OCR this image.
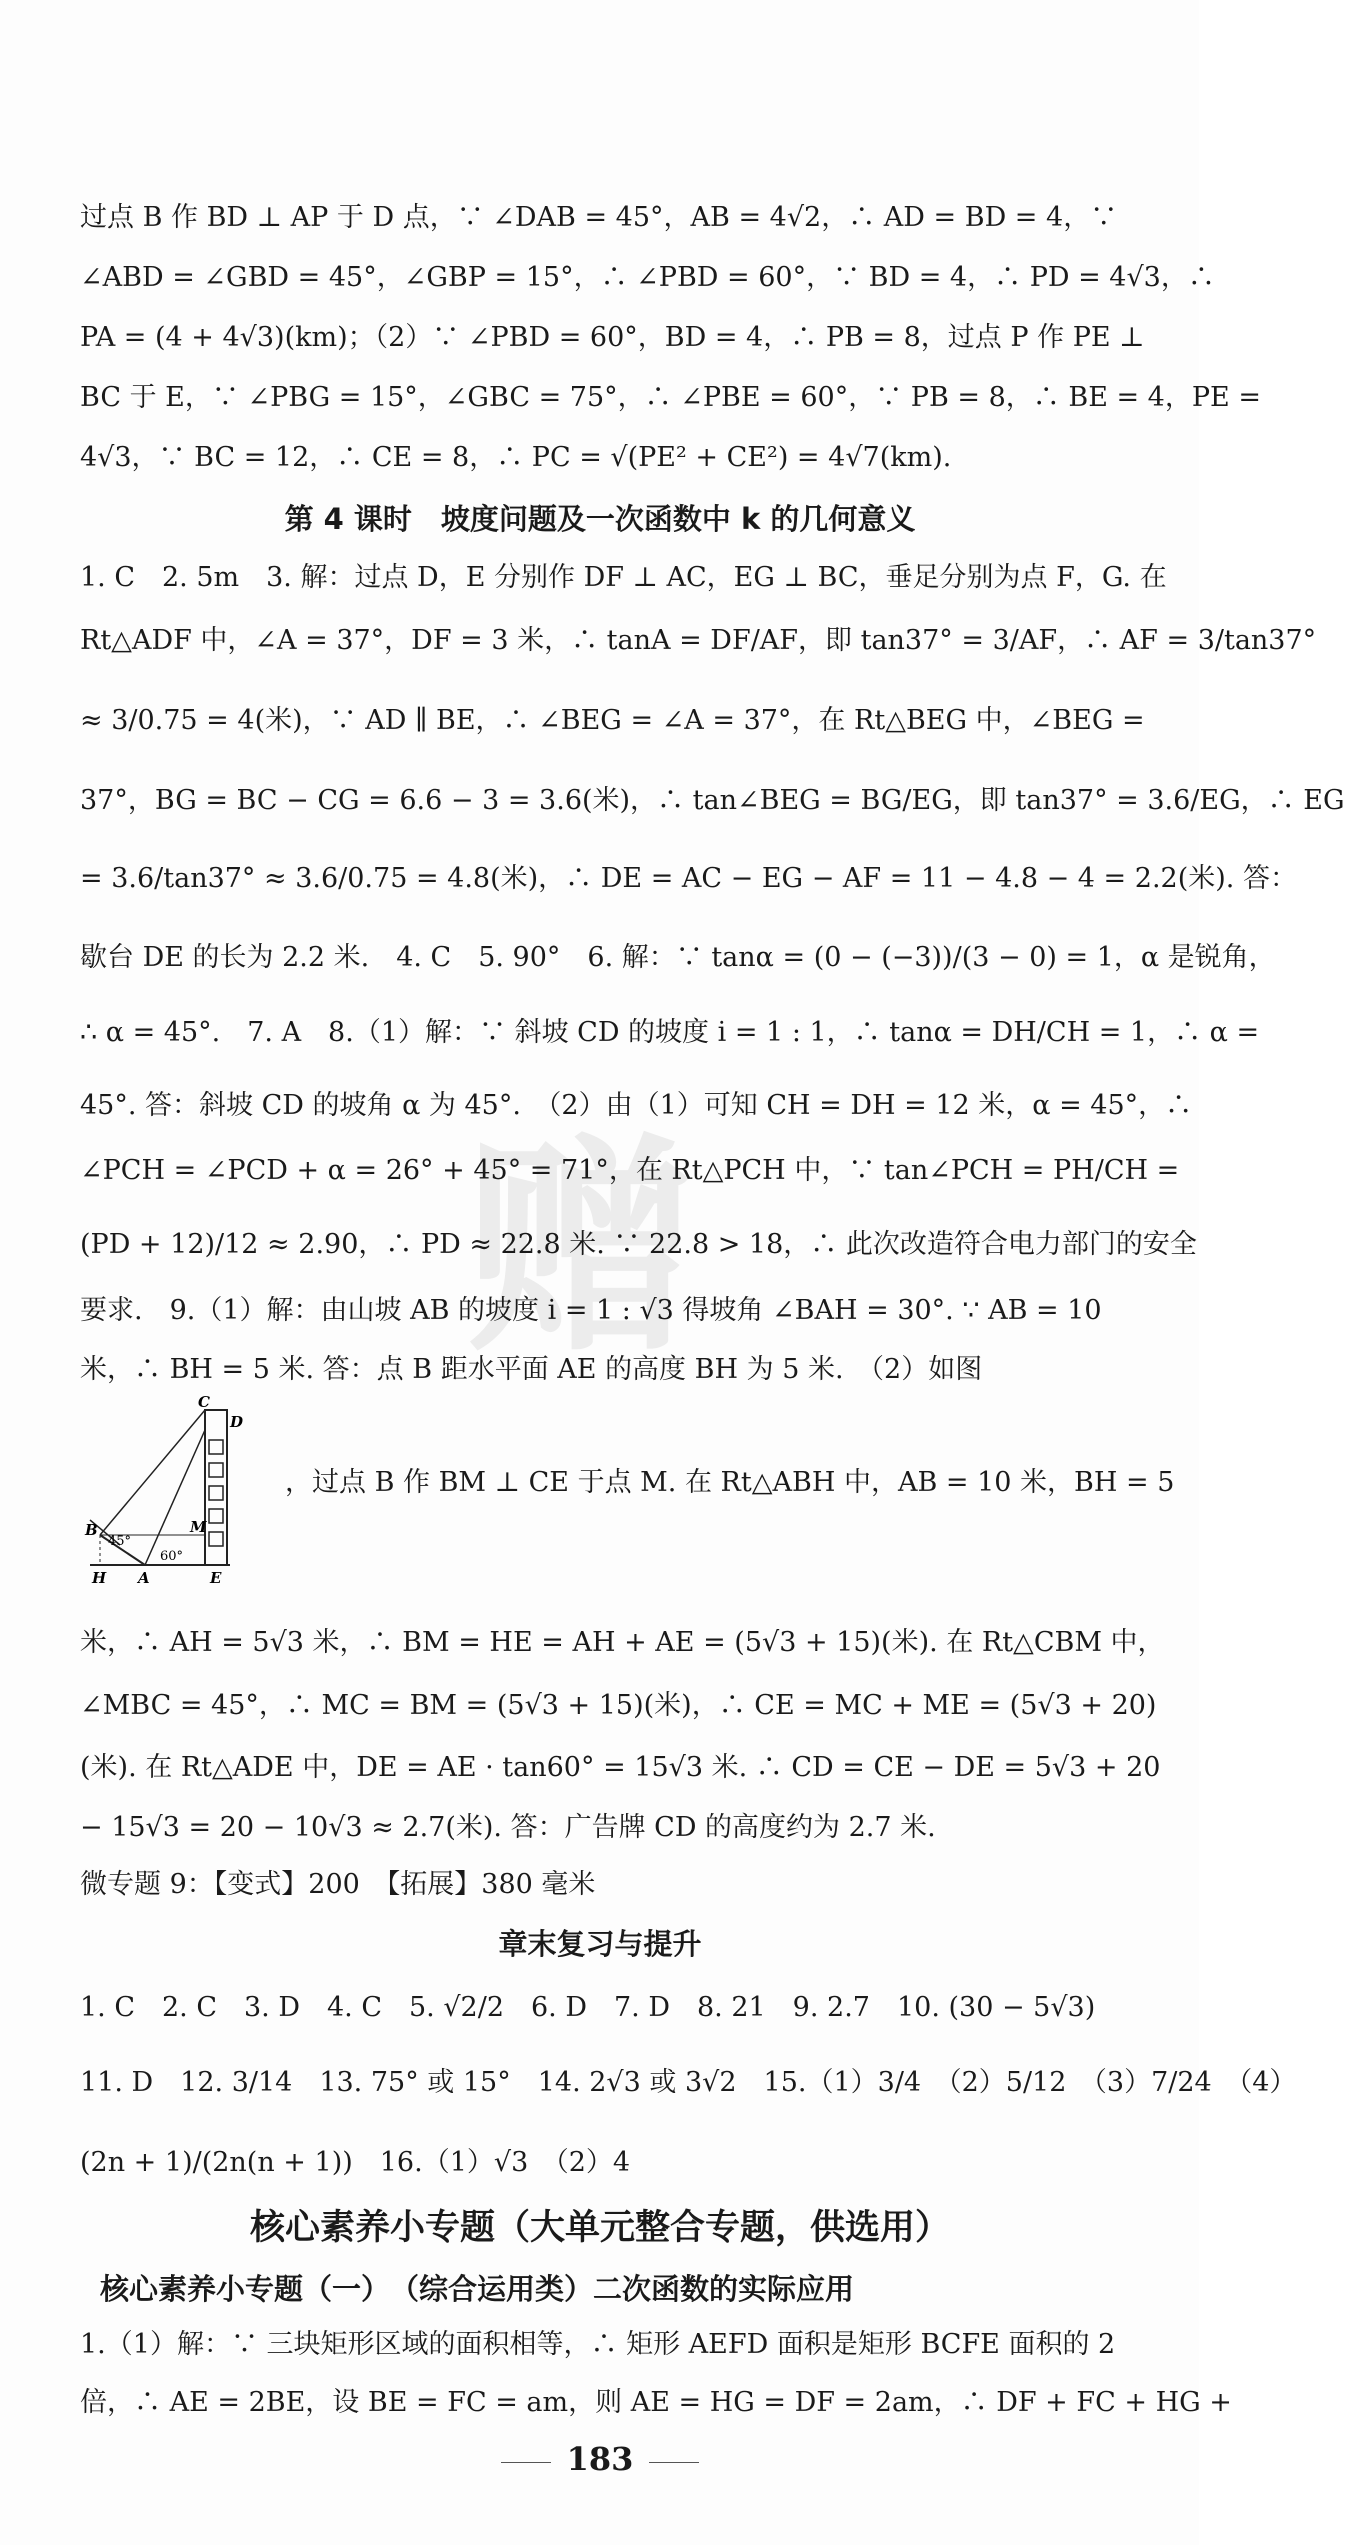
赠
过点 B 作 BD ⊥ AP 于 D 点，∵ ∠DAB = 45°，AB = 4√2，∴ AD = BD = 4，∵
∠ABD = ∠GBD = 45°，∠GBP = 15°，∴ ∠PBD = 60°，∵ BD = 4，∴ PD = 4√3，∴
PA = (4 + 4√3)(km)；（2）∵ ∠PBD = 60°，BD = 4，∴ PB = 8，过点 P 作 PE ⊥
BC 于 E，∵ ∠PBG = 15°，∠GBC = 75°，∴ ∠PBE = 60°，∵ PB = 8，∴ BE = 4，PE =
4√3，∵ BC = 12，∴ CE = 8，∴ PC = √(PE² + CE²) = 4√7(km).
第 4 课时　坡度问题及一次函数中 k 的几何意义
1. C　2. 5m　3. 解：过点 D，E 分别作 DF ⊥ AC，EG ⊥ BC，垂足分别为点 F，G. 在
Rt△ADF 中，∠A = 37°，DF = 3 米，∴ tanA = DF/AF，即 tan37° = 3/AF，∴ AF = 3/tan37°
≈ 3/0.75 = 4(米)，∵ AD ∥ BE，∴ ∠BEG = ∠A = 37°，在 Rt△BEG 中，∠BEG =
37°，BG = BC − CG = 6.6 − 3 = 3.6(米)，∴ tan∠BEG = BG/EG，即 tan37° = 3.6/EG，∴ EG
= 3.6/tan37° ≈ 3.6/0.75 = 4.8(米)，∴ DE = AC − EG − AF = 11 − 4.8 − 4 = 2.2(米). 答：
歇台 DE 的长为 2.2 米.　4. C　5. 90°　6. 解：∵ tanα = (0 − (−3))/(3 − 0) = 1，α 是锐角，
∴ α = 45°.　7. A　8.（1）解：∵ 斜坡 CD 的坡度 i = 1 : 1，∴ tanα = DH/CH = 1，∴ α =
45°. 答：斜坡 CD 的坡角 α 为 45°.　（2）由（1）可知 CH = DH = 12 米，α = 45°，∴
∠PCH = ∠PCD + α = 26° + 45° = 71°，在 Rt△PCH 中，∵ tan∠PCH = PH/CH =
(PD + 12)/12 ≈ 2.90，∴ PD ≈ 22.8 米. ∵ 22.8 > 18，∴ 此次改造符合电力部门的安全
要求.　9.（1）解：由山坡 AB 的坡度 i = 1 : √3 得坡角 ∠BAH = 30°. ∵ AB = 10
米，∴ BH = 5 米. 答：点 B 距水平面 AE 的高度 BH 为 5 米.　（2）如图
C
D
B
45°
M
60°
H A	E
，过点 B 作 BM ⊥ CE 于点 M. 在 Rt△ABH 中，AB = 10 米，BH = 5
米，∴ AH = 5√3 米，∴ BM = HE = AH + AE = (5√3 + 15)(米). 在 Rt△CBM 中，
∠MBC = 45°，∴ MC = BM = (5√3 + 15)(米)，∴ CE = MC + ME = (5√3 + 20)
(米). 在 Rt△ADE 中，DE = AE · tan60° = 15√3 米. ∴ CD = CE − DE = 5√3 + 20
− 15√3 = 20 − 10√3 ≈ 2.7(米). 答：广告牌 CD 的高度约为 2.7 米.
微专题 9：【变式】200　【拓展】380 毫米
章末复习与提升
1. C　2. C　3. D　4. C　5. √2/2　6. D　7. D　8. 21　9. 2.7　10. (30 − 5√3)
11. D　12. 3/14　13. 75° 或 15°　14. 2√3 或 3√2　15.（1）3/4　（2）5/12　（3）7/24　（4）
(2n + 1)/(2n(n + 1))　16.（1）√3　（2）4
核心素养小专题（大单元整合专题，供选用）
核心素养小专题（一）　（综合运用类）二次函数的实际应用
1.（1）解：∵ 三块矩形区域的面积相等，∴ 矩形 AEFD 面积是矩形 BCFE 面积的 2
倍，∴ AE = 2BE，设 BE = FC = am，则 AE = HG = DF = 2am，∴ DF + FC + HG +
183
